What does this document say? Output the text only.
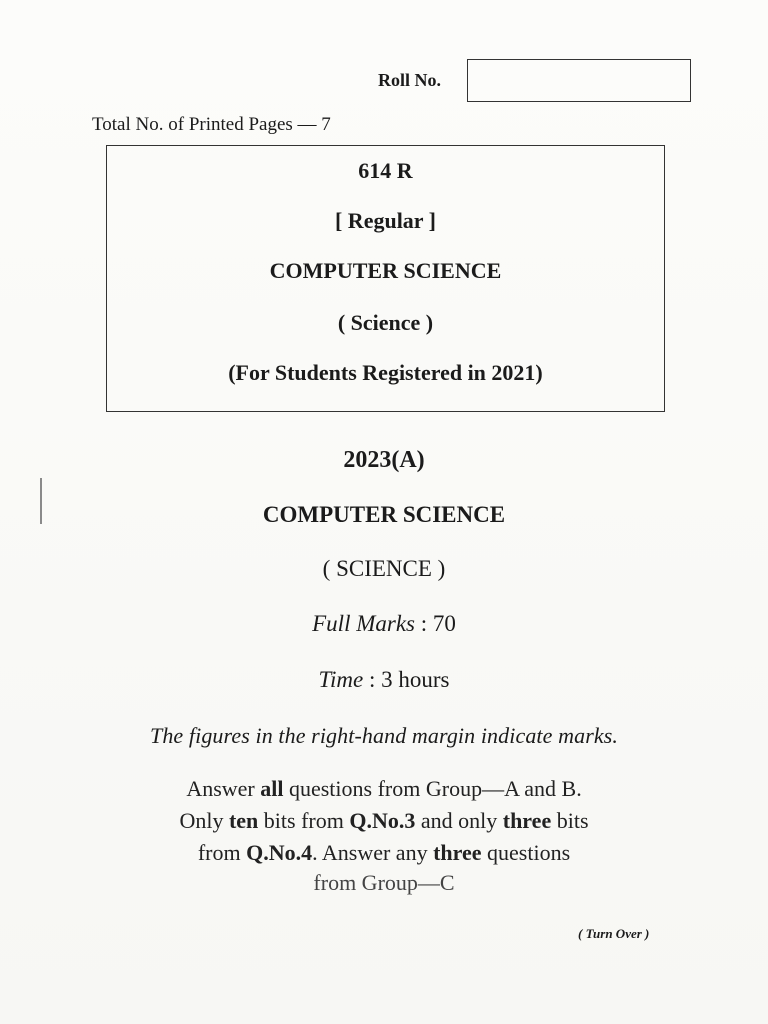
Roll No.
Total No. of Printed Pages — 7
614 R
[ Regular ]
COMPUTER SCIENCE
( Science )
(For Students Registered in 2021)
2023(A)
COMPUTER SCIENCE
( SCIENCE )
Full Marks : 70
Time : 3 hours
The figures in the right-hand margin indicate marks.
Answer all questions from Group—A and B.
Only ten bits from Q.No.3 and only three bits
from Q.No.4. Answer any three questions
from Group—C
( Turn Over )
